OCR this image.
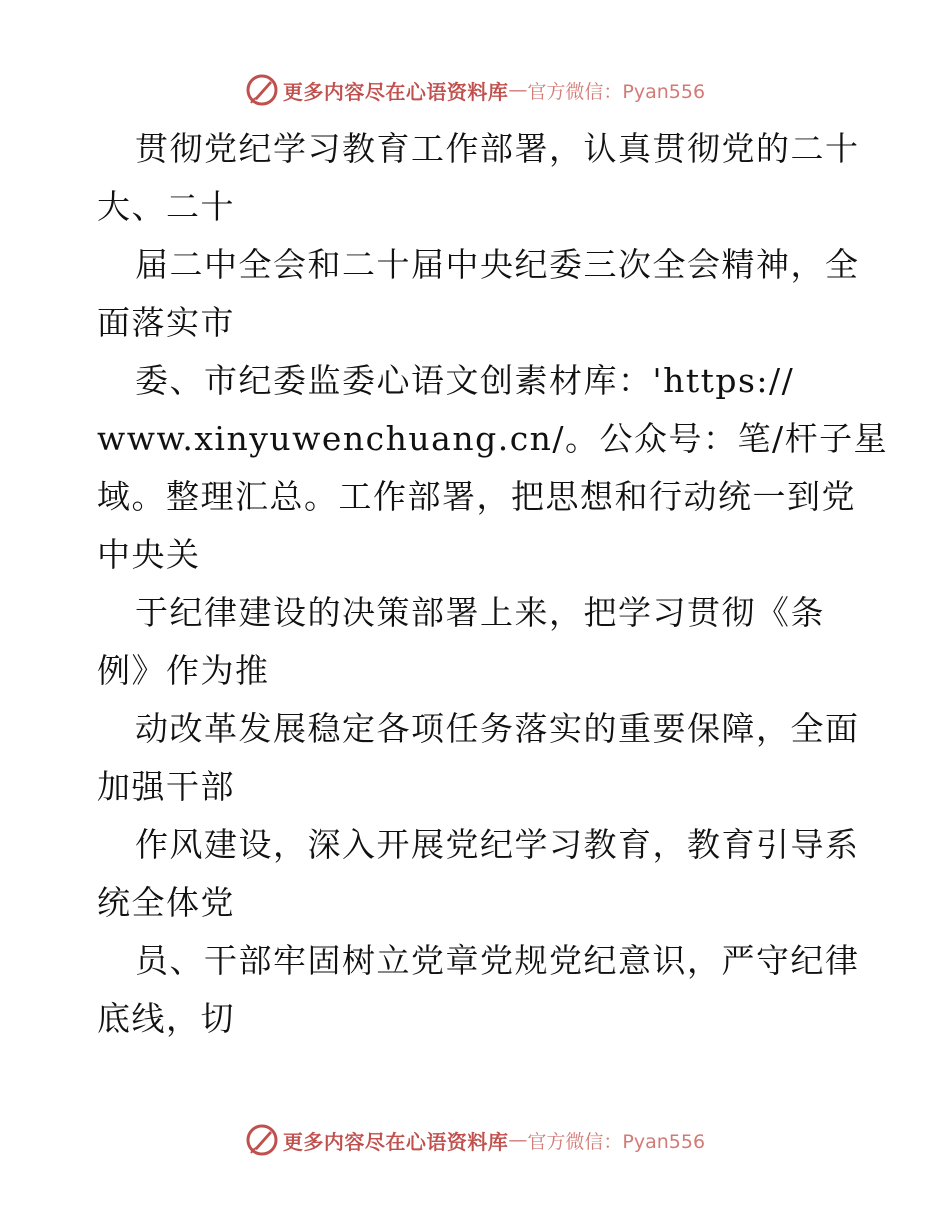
更多内容尽在心语资料库 — 官方微信：Pyan556

贯彻党纪学习教育工作部署，认真贯彻党的二十
大、二十

届二中全会和二十届中央纪委三次全会精神，全
面落实市

委、市纪委监委心语文创素材库：'https://
www.xinyuwenchuang.cn/。公众号：笔/杆子星

域。整理汇总。工作部署，把思想和行动统一到党

中央关

于纪律建设的决策部署上来，把学习贯彻《条
例》作为推

动改革发展稳定各项任务落实的重要保障，全面
加强干部

作风建设，深入开展党纪学习教育，教育引导系
统全体党

员、干部牢固树立党章党规党纪意识，严守纪律
底线，切

更多内容尽在心语资料库 — 官方微信：Pyan556
